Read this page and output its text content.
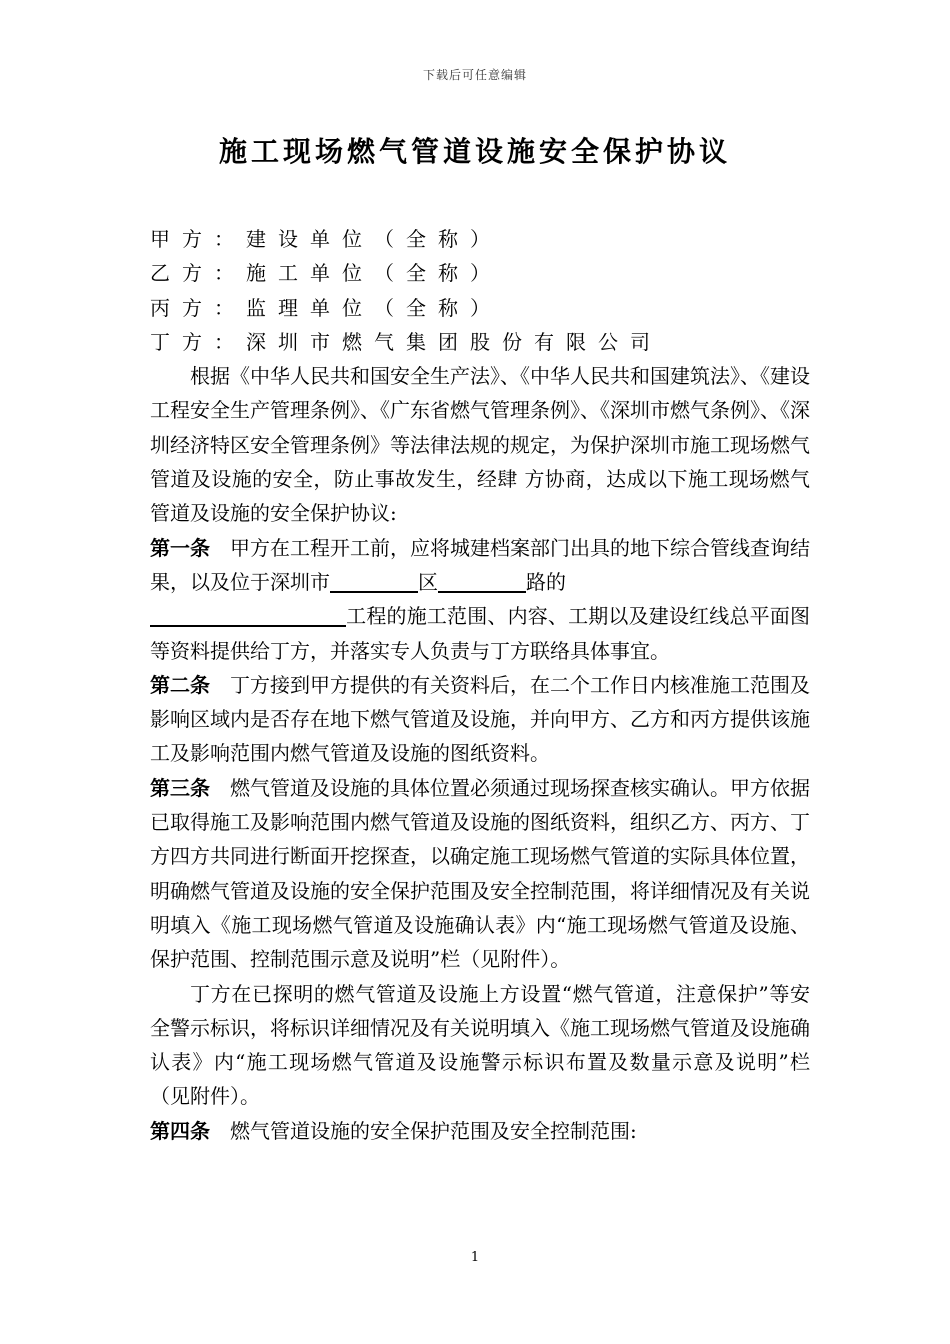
下载后可任意编辑
施工现场燃气管道设施安全保护协议

甲方：建设单位（全称）

乙方：施工单位（全称）

丙方：监理单位（全称）

丁方：深圳市燃气集团股份有限公司

根据《中华人民共和国安全生产法》、《中华人民共和国建筑法》、《建设工程安全生产管理条例》、《广东省燃气管理条例》、《深圳市燃气条例》、《深圳经济特区安全管理条例》等法律法规的规定，为保护深圳市施工现场燃气管道及设施的安全，防止事故发生，经肆 方协商，达成以下施工现场燃气管道及设施的安全保护协议:

第一条 甲方在工程开工前，应将城建档案部门出具的地下综合管线查询结果，以及位于深圳市	区	路的
工程的施工范围、内容、工期以及建设红线总平面图等资料提供给丁方，并落实专人负责与丁方联络具体事宜。

第二条 丁方接到甲方提供的有关资料后，在二个工作日内核准施工范围及影响区域内是否存在地下燃气管道及设施，并向甲方、乙方和丙方提供该施工及影响范围内燃气管道及设施的图纸资料。

第三条 燃气管道及设施的具体位置必须通过现场探查核实确认。甲方依据已取得施工及影响范围内燃气管道及设施的图纸资料，组织乙方、丙方、丁方四方共同进行断面开挖探查，以确定施工现场燃气管道的实际具体位置，明确燃气管道及设施的安全保护范围及安全控制范围，将详细情况及有关说明填入《施工现场燃气管道及设施确认表》内“施工现场燃气管道及设施、保护范围、控制范围示意及说明”栏（见附件）。

丁方在已探明的燃气管道及设施上方设置“燃气管道，注意保护”等安全警示标识，将标识详细情况及有关说明填入《施工现场燃气管道及设施确认表》内“施工现场燃气管道及设施警示标识布置及数量示意及说明”栏（见附件）。

第四条 燃气管道设施的安全保护范围及安全控制范围:

1
